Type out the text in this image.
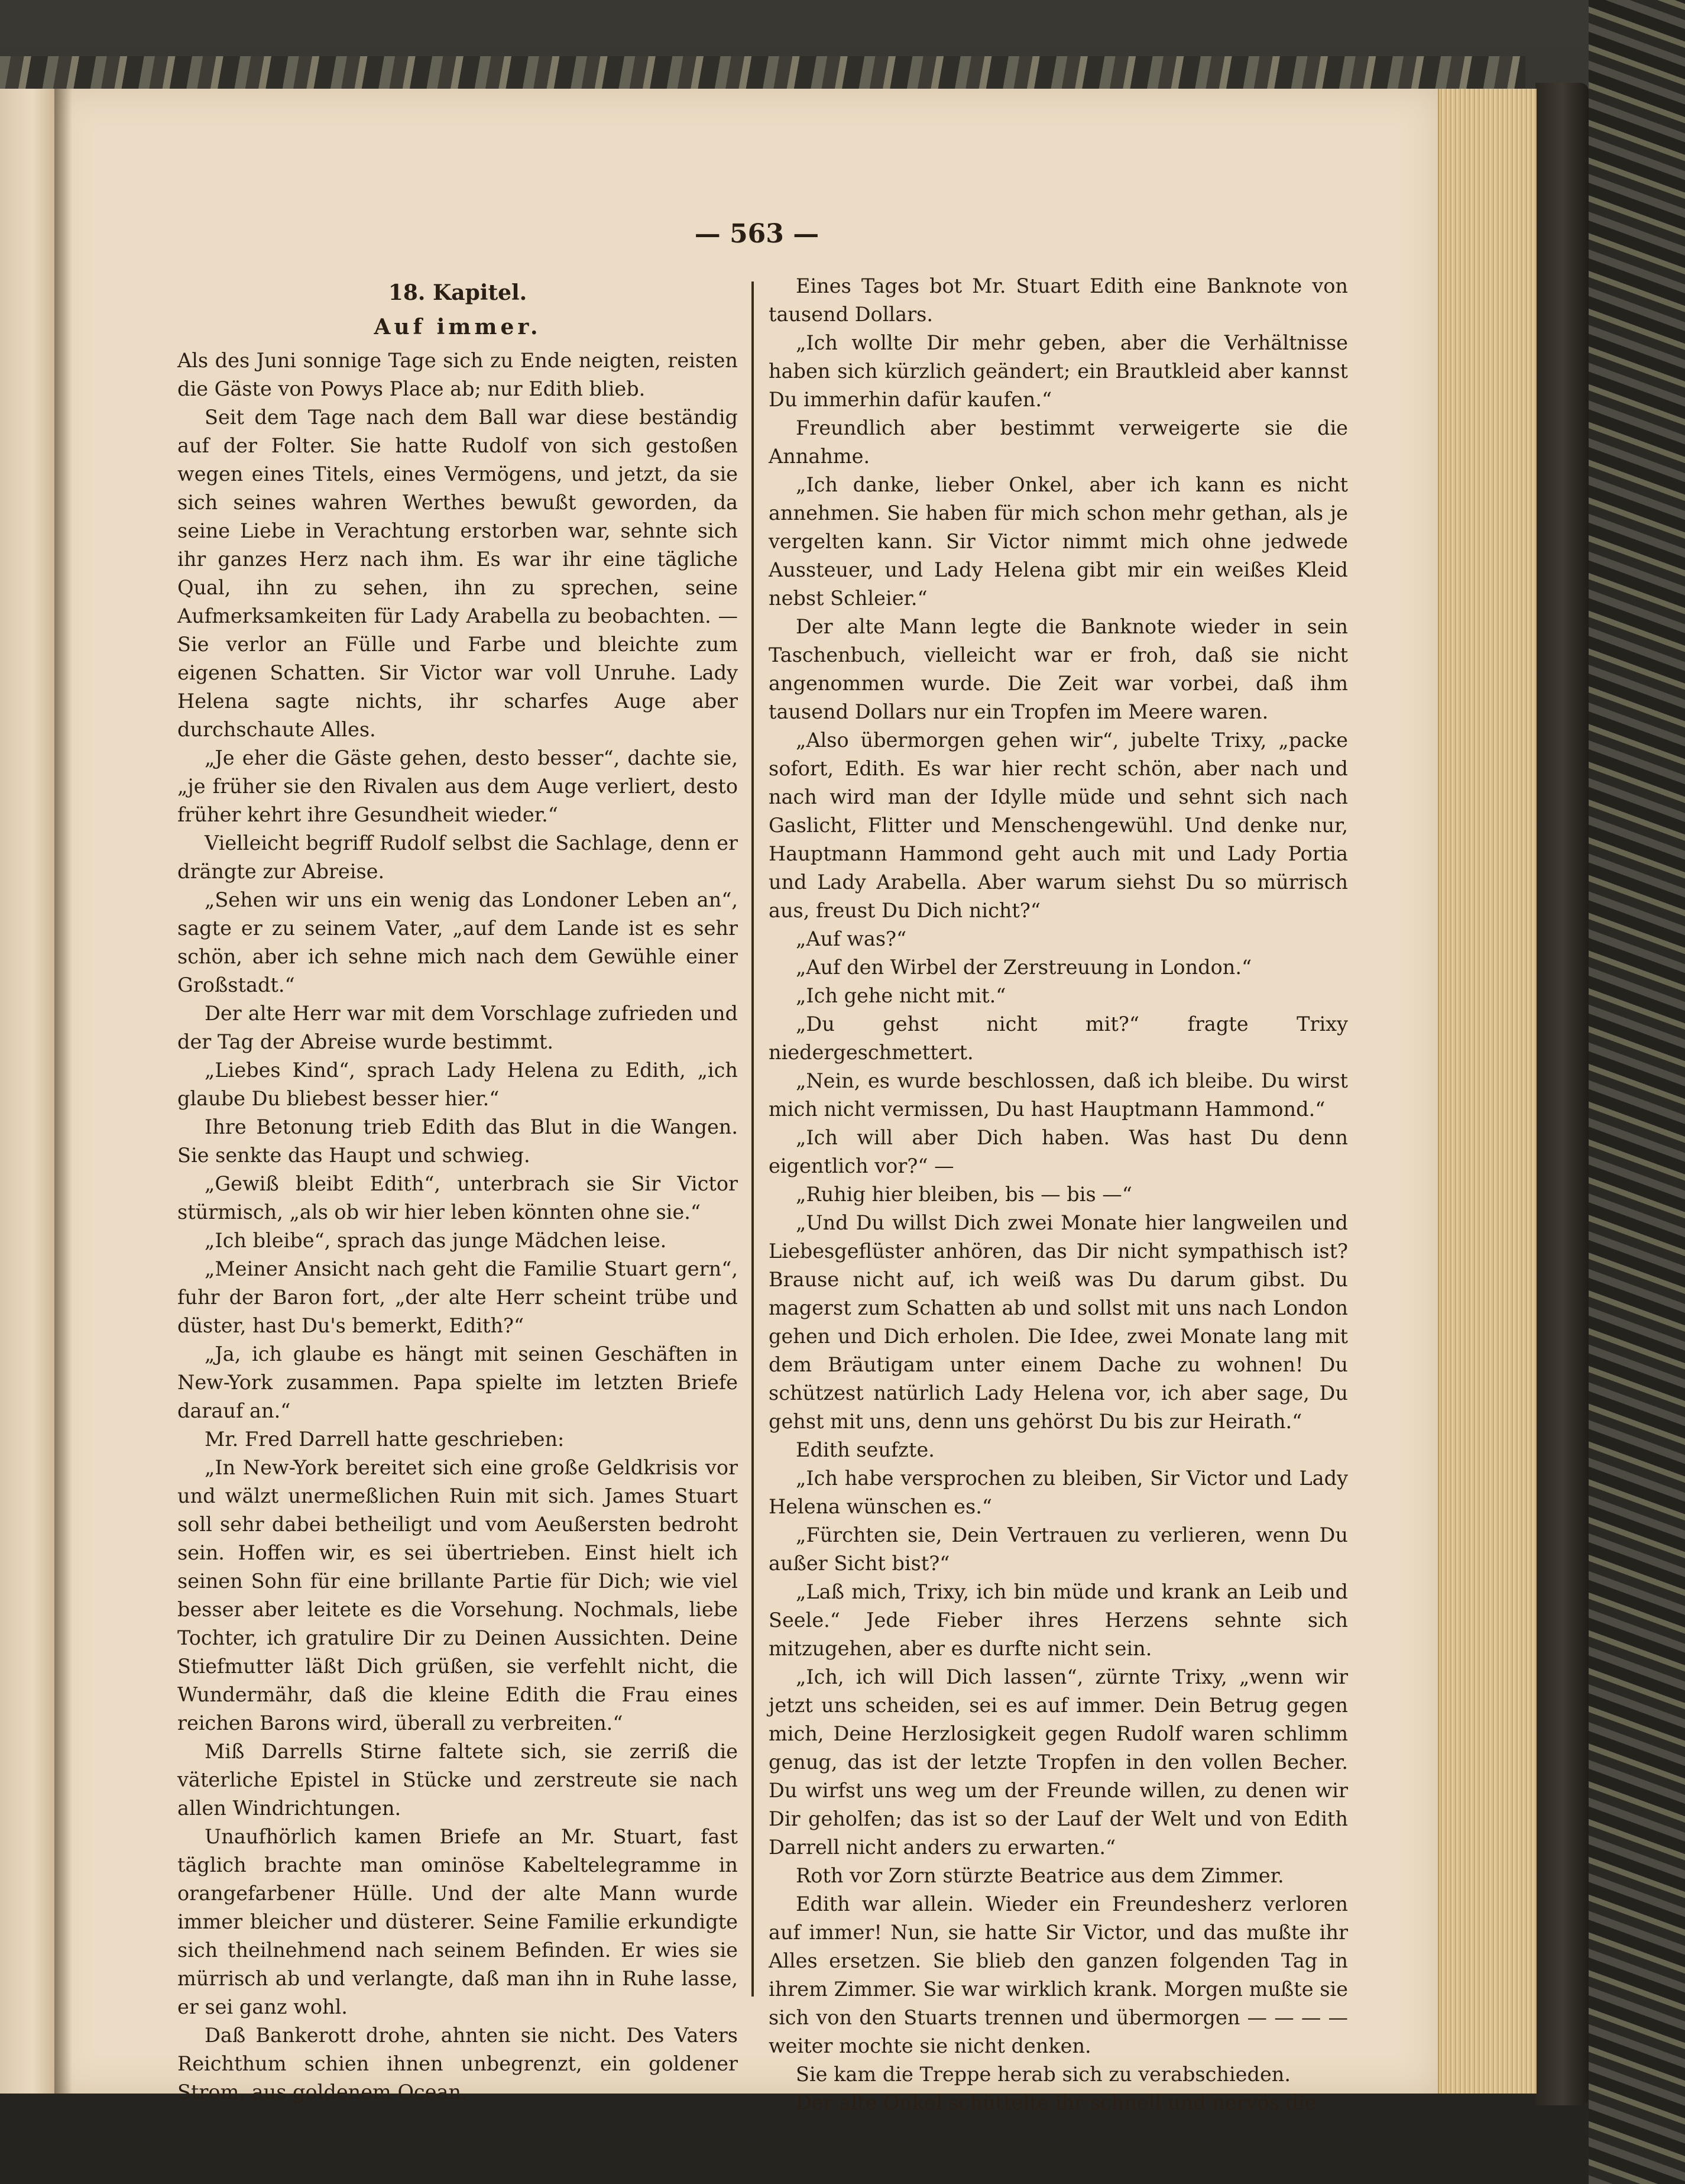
— 563 —
18. Kapitel.
Auf immer.

Als des Juni sonnige Tage sich zu Ende neigten, reisten die Gäste von Powys Place ab; nur Edith blieb.

Seit dem Tage nach dem Ball war diese beständig auf der Folter. Sie hatte Rudolf von sich gestoßen wegen eines Titels, eines Vermögens, und jetzt, da sie sich seines wahren Werthes bewußt geworden, da seine Liebe in Verachtung erstorben war, sehnte sich ihr ganzes Herz nach ihm. Es war ihr eine tägliche Qual, ihn zu sehen, ihn zu sprechen, seine Aufmerksamkeiten für Lady Arabella zu beobachten. — Sie verlor an Fülle und Farbe und bleichte zum eigenen Schatten. Sir Victor war voll Unruhe. Lady Helena sagte nichts, ihr scharfes Auge aber durchschaute Alles.

„Je eher die Gäste gehen, desto besser“, dachte sie, „je früher sie den Rivalen aus dem Auge verliert, desto früher kehrt ihre Gesundheit wieder.“

Vielleicht begriff Rudolf selbst die Sachlage, denn er drängte zur Abreise.

„Sehen wir uns ein wenig das Londoner Leben an“, sagte er zu seinem Vater, „auf dem Lande ist es sehr schön, aber ich sehne mich nach dem Gewühle einer Großstadt.“

Der alte Herr war mit dem Vorschlage zufrieden und der Tag der Abreise wurde bestimmt.

„Liebes Kind“, sprach Lady Helena zu Edith, „ich glaube Du bliebest besser hier.“

Ihre Betonung trieb Edith das Blut in die Wangen. Sie senkte das Haupt und schwieg.

„Gewiß bleibt Edith“, unterbrach sie Sir Victor stürmisch, „als ob wir hier leben könnten ohne sie.“

„Ich bleibe“, sprach das junge Mädchen leise.

„Meiner Ansicht nach geht die Familie Stuart gern“, fuhr der Baron fort, „der alte Herr scheint trübe und düster, hast Du's bemerkt, Edith?“

„Ja, ich glaube es hängt mit seinen Geschäften in New-York zusammen. Papa spielte im letzten Briefe darauf an.“

Mr. Fred Darrell hatte geschrieben:

„In New-York bereitet sich eine große Geldkrisis vor und wälzt unermeßlichen Ruin mit sich. James Stuart soll sehr dabei betheiligt und vom Aeußersten bedroht sein. Hoffen wir, es sei übertrieben. Einst hielt ich seinen Sohn für eine brillante Partie für Dich; wie viel besser aber leitete es die Vorsehung. Nochmals, liebe Tochter, ich gratulire Dir zu Deinen Aussichten. Deine Stiefmutter läßt Dich grüßen, sie verfehlt nicht, die Wundermähr, daß die kleine Edith die Frau eines reichen Barons wird, überall zu verbreiten.“

Miß Darrells Stirne faltete sich, sie zerriß die väterliche Epistel in Stücke und zerstreute sie nach allen Windrichtungen.

Unaufhörlich kamen Briefe an Mr. Stuart, fast täglich brachte man ominöse Kabeltelegramme in orangefarbener Hülle. Und der alte Mann wurde immer bleicher und düsterer. Seine Familie erkundigte sich theilnehmend nach seinem Befinden. Er wies sie mürrisch ab und verlangte, daß man ihn in Ruhe lasse, er sei ganz wohl.

Daß Bankerott drohe, ahnten sie nicht. Des Vaters Reichthum schien ihnen unbegrenzt, ein goldener Strom, aus goldenem Ocean.

Eines Tages bot Mr. Stuart Edith eine Banknote von tausend Dollars.

„Ich wollte Dir mehr geben, aber die Verhältnisse haben sich kürzlich geändert; ein Brautkleid aber kannst Du immerhin dafür kaufen.“

Freundlich aber bestimmt verweigerte sie die Annahme.

„Ich danke, lieber Onkel, aber ich kann es nicht annehmen. Sie haben für mich schon mehr gethan, als je vergelten kann. Sir Victor nimmt mich ohne jedwede Aussteuer, und Lady Helena gibt mir ein weißes Kleid nebst Schleier.“

Der alte Mann legte die Banknote wieder in sein Taschenbuch, vielleicht war er froh, daß sie nicht angenommen wurde. Die Zeit war vorbei, daß ihm tausend Dollars nur ein Tropfen im Meere waren.

„Also übermorgen gehen wir“, jubelte Trixy, „packe sofort, Edith. Es war hier recht schön, aber nach und nach wird man der Idylle müde und sehnt sich nach Gaslicht, Flitter und Menschengewühl. Und denke nur, Hauptmann Hammond geht auch mit und Lady Portia und Lady Arabella. Aber warum siehst Du so mürrisch aus, freust Du Dich nicht?“

„Auf was?“

„Auf den Wirbel der Zerstreuung in London.“

„Ich gehe nicht mit.“

„Du gehst nicht mit?“ fragte Trixy niedergeschmettert.

„Nein, es wurde beschlossen, daß ich bleibe. Du wirst mich nicht vermissen, Du hast Hauptmann Hammond.“

„Ich will aber Dich haben. Was hast Du denn eigentlich vor?“ —

„Ruhig hier bleiben, bis — bis —“

„Und Du willst Dich zwei Monate hier langweilen und Liebesgeflüster anhören, das Dir nicht sympathisch ist? Brause nicht auf, ich weiß was Du darum gibst. Du magerst zum Schatten ab und sollst mit uns nach London gehen und Dich erholen. Die Idee, zwei Monate lang mit dem Bräutigam unter einem Dache zu wohnen! Du schützest natürlich Lady Helena vor, ich aber sage, Du gehst mit uns, denn uns gehörst Du bis zur Heirath.“

Edith seufzte.

„Ich habe versprochen zu bleiben, Sir Victor und Lady Helena wünschen es.“

„Fürchten sie, Dein Vertrauen zu verlieren, wenn Du außer Sicht bist?“

„Laß mich, Trixy, ich bin müde und krank an Leib und Seele.“ Jede Fieber ihres Herzens sehnte sich mitzugehen, aber es durfte nicht sein.

„Ich, ich will Dich lassen“, zürnte Trixy, „wenn wir jetzt uns scheiden, sei es auf immer. Dein Betrug gegen mich, Deine Herzlosigkeit gegen Rudolf waren schlimm genug, das ist der letzte Tropfen in den vollen Becher. Du wirfst uns weg um der Freunde willen, zu denen wir Dir geholfen; das ist so der Lauf der Welt und von Edith Darrell nicht anders zu erwarten.“

Roth vor Zorn stürzte Beatrice aus dem Zimmer.

Edith war allein. Wieder ein Freundesherz verloren auf immer! Nun, sie hatte Sir Victor, und das mußte ihr Alles ersetzen. Sie blieb den ganzen folgenden Tag in ihrem Zimmer. Sie war wirklich krank. Morgen mußte sie sich von den Stuarts trennen und übermorgen — — — — weiter mochte sie nicht denken.

Sie kam die Treppe herab sich zu verabschieden.

Der alte Onkel schüttelte ihr schnell und nervös die
